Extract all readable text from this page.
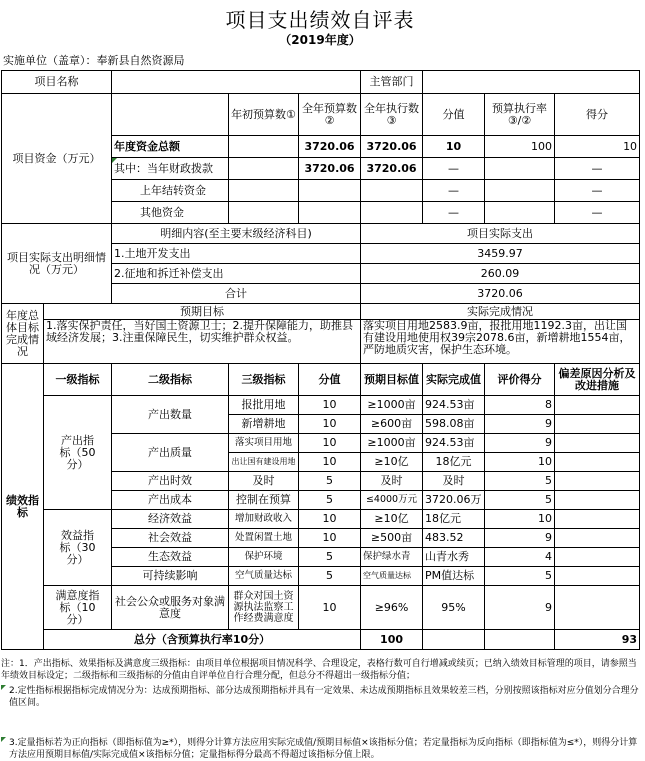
项目支出绩效自评表
（2019年度）
实施单位（盖章）：奉新县自然资源局
项目名称					主管部门				
项目资金（万元）			年初预算数①	全年预算数②	全年执行数③	分值	预算执行率③/②	得分	
		年度资金总额		3720.06	3720.06	10	100	10	
		其中：当年财政拨款		3720.06	3720.06	—		—	
		上年结转资金				—		—	
		其他资金				—		—	
项目实际支出明细情况（万元）		明细内容(至主要末级经济科目)			项目实际支出				
		1.土地开发支出			3459.97				
		2.征地和拆迁补偿支出			260.09				
		合计			3720.06				
年度总体目标完成情况	预期目标				实际完成情况				
	1.落实保护责任，当好国土资源卫士；2.提升保障能力，助推县域经济发展；3.注重保障民生，切实维护群众权益。				落实项目用地2583.9亩，报批用地1192.3亩，出让国有建设用地使用权39宗2078.6亩，新增耕地1554亩，严防地质灾害，保护生态环境。				
绩效指标	一级指标	二级指标	三级指标	分值	预期目标值	实际完成值	评价得分	偏差原因分析及改进措施	
	产出指标（50分）	产出数量	报批用地	10	≥1000亩	924.53亩	8		
			新增耕地	10	≥600亩	598.08亩	9		
		产出质量	落实项目用地	10	≥1000亩	924.53亩	9		
			出让国有建设用地	10	≥10亿	18亿元	10		
		产出时效	及时	5	及时	及时	5		
		产出成本	控制在预算	5	≤4000万元	3720.06万	5		
	效益指标（30分）	经济效益	增加财政收入	10	≥10亿	18亿元	10		
		社会效益	处置闲置土地	10	≥500亩	483.52	9		
		生态效益	保护环境	5	保护绿水青	山青水秀	4		
		可持续影响	空气质量达标	5	空气质量达标	PM值达标	5		
	满意度指标（10分）	社会公众或服务对象满意度	群众对国土资源执法监察工作经费满意度	10	≥96%	95%	9		
	总分（含预算执行率10分）				100			93	
注：1．产出指标、效果指标及满意度三级指标：由项目单位根据项目情况科学、合理设定，表格行数可自行增减或续页；已纳入绩效目标管理的项目，请参照当年绩效目标设定；二级指标和三级指标的分值由自评单位自行合理分配，但总分不得超出一级指标分值；
2.定性指标根据指标完成情况分为：达成预期指标、部分达成预期指标并具有一定效果、未达成预期指标且效果较差三档，分别按照该指标对应分值划分合理分值区间。
3.定量指标若为正向指标（即指标值为≥*），则得分计算方法应用实际完成值/预期目标值×该指标分值；若定量指标为反向指标（即指标值为≤*），则得分计算方法应用预期目标值/实际完成值×该指标分值；定量指标得分最高不得超过该指标分值上限。
